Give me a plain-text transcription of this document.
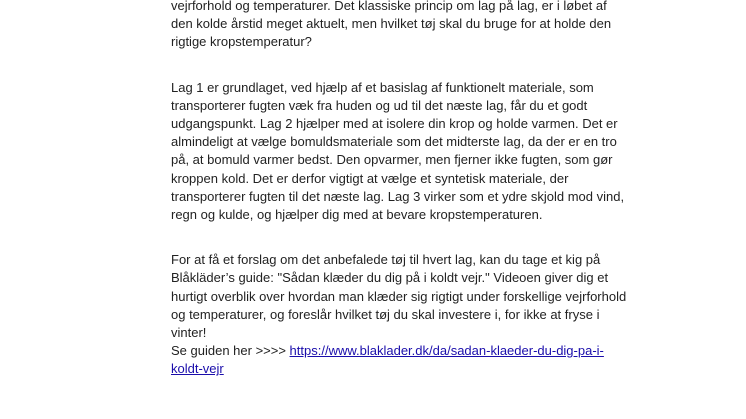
vejrforhold og temperaturer. Det klassiske princip om lag på lag, er i løbet af

den kolde årstid meget aktuelt, men hvilket tøj skal du bruge for at holde den

rigtige kropstemperatur?

Lag 1 er grundlaget, ved hjælp af et basislag af funktionelt materiale, som

transporterer fugten væk fra huden og ud til det næste lag, får du et godt

udgangspunkt. Lag 2 hjælper med at isolere din krop og holde varmen. Det er

almindeligt at vælge bomuldsmateriale som det midterste lag, da der er en tro

på, at bomuld varmer bedst. Den opvarmer, men fjerner ikke fugten, som gør

kroppen kold. Det er derfor vigtigt at vælge et syntetisk materiale, der

transporterer fugten til det næste lag. Lag 3 virker som et ydre skjold mod vind,

regn og kulde, og hjælper dig med at bevare kropstemperaturen.

For at få et forslag om det anbefalede tøj til hvert lag, kan du tage et kig på

Blåkläder’s guide: "Sådan klæder du dig på i koldt vejr." Videoen giver dig et

hurtigt overblik over hvordan man klæder sig rigtigt under forskellige vejrforhold

og temperaturer, og foreslår hvilket tøj du skal investere i, for ikke at fryse i

vinter!

Se guiden her >>>> https://www.blaklader.dk/da/sadan-klaeder-du-dig-pa-i-

koldt-vejr
